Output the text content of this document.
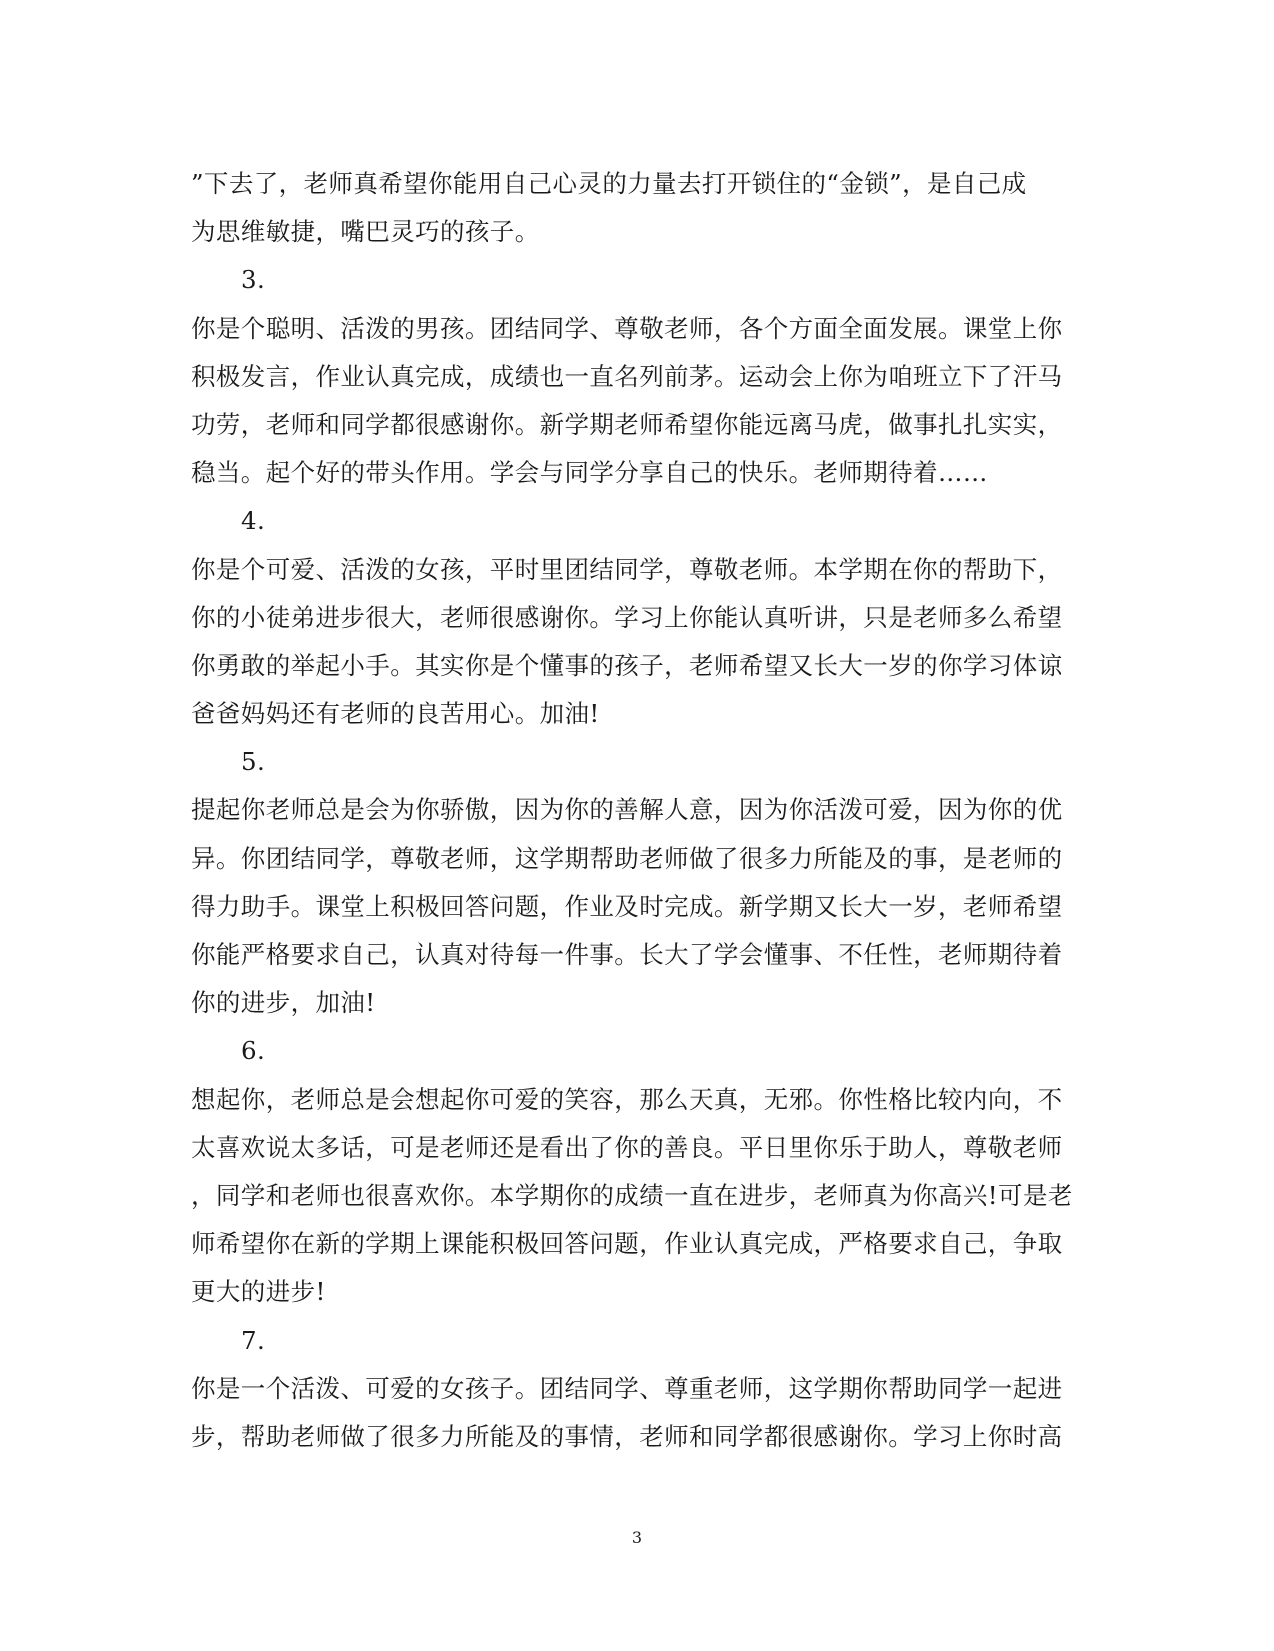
”下去了，老师真希望你能用自己心灵的力量去打开锁住的“金锁”，是自己成
为思维敏捷，嘴巴灵巧的孩子。
3.
你是个聪明、活泼的男孩。团结同学、尊敬老师，各个方面全面发展。课堂上你
积极发言，作业认真完成，成绩也一直名列前茅。运动会上你为咱班立下了汗马
功劳，老师和同学都很感谢你。新学期老师希望你能远离马虎，做事扎扎实实，
稳当。起个好的带头作用。学会与同学分享自己的快乐。老师期待着……
4.
你是个可爱、活泼的女孩，平时里团结同学，尊敬老师。本学期在你的帮助下，
你的小徒弟进步很大，老师很感谢你。学习上你能认真听讲，只是老师多么希望
你勇敢的举起小手。其实你是个懂事的孩子，老师希望又长大一岁的你学习体谅
爸爸妈妈还有老师的良苦用心。加油!
5.
提起你老师总是会为你骄傲，因为你的善解人意，因为你活泼可爱，因为你的优
异。你团结同学，尊敬老师，这学期帮助老师做了很多力所能及的事，是老师的
得力助手。课堂上积极回答问题，作业及时完成。新学期又长大一岁，老师希望
你能严格要求自己，认真对待每一件事。长大了学会懂事、不任性，老师期待着
你的进步，加油!
6.
想起你，老师总是会想起你可爱的笑容，那么天真，无邪。你性格比较内向，不
太喜欢说太多话，可是老师还是看出了你的善良。平日里你乐于助人，尊敬老师
，同学和老师也很喜欢你。本学期你的成绩一直在进步，老师真为你高兴!可是老
师希望你在新的学期上课能积极回答问题，作业认真完成，严格要求自己，争取
更大的进步!
7.
你是一个活泼、可爱的女孩子。团结同学、尊重老师，这学期你帮助同学一起进
步，帮助老师做了很多力所能及的事情，老师和同学都很感谢你。学习上你时高
3
